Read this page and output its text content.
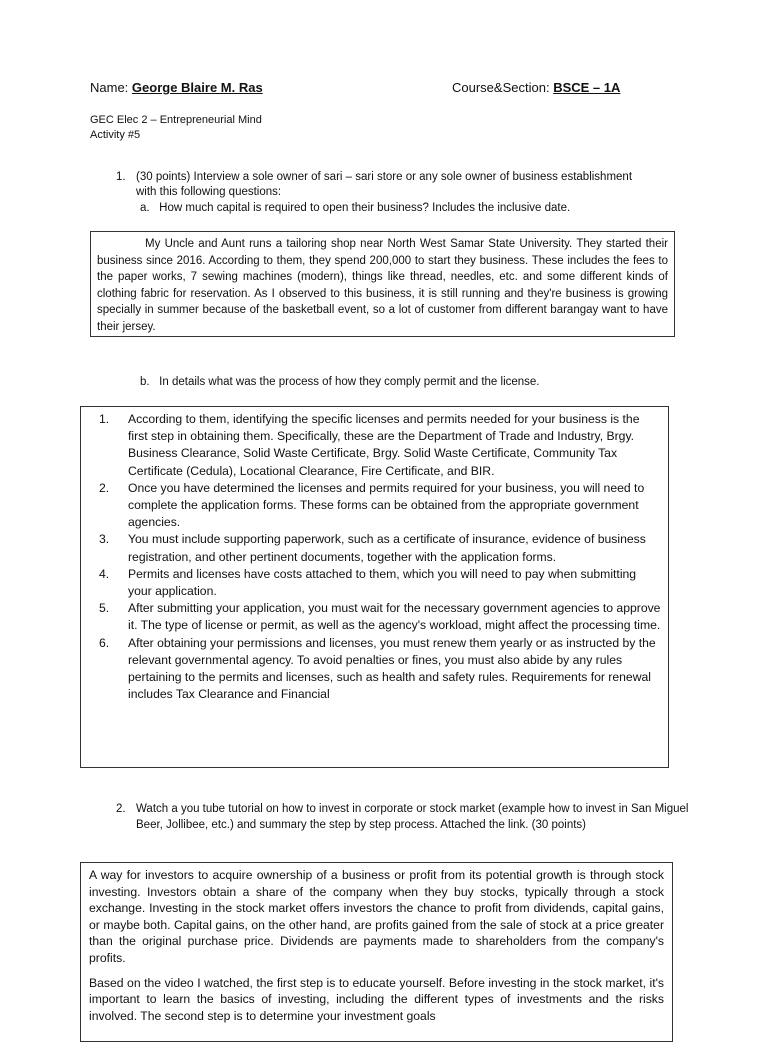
Name: George Blaire M. Ras	Course&Section: BSCE – 1A
GEC Elec 2 – Entrepreneurial Mind
Activity #5
1. (30 points) Interview a sole owner of sari – sari store or any sole owner of business establishment with this following questions:
a.   How much capital is required to open their business? Includes the inclusive date.

My Uncle and Aunt runs a tailoring shop near North West Samar State University. They started their business since 2016. According to them, they spend 200,000 to start they business. These includes the fees to the paper works, 7 sewing machines (modern), things like thread, needles, etc. and some different kinds of clothing fabric for reservation. As I observed to this business, it is still running and they're business is growing specially in summer because of the basketball event, so a lot of customer from different barangay want to have their jersey.

b.   In details what was the process of how they comply permit and the license.
1. According to them, identifying the specific licenses and permits needed for your business is the first step in obtaining them. Specifically, these are the Department of Trade and Industry, Brgy. Business Clearance, Solid Waste Certificate, Brgy. Solid Waste Certificate, Community Tax Certificate (Cedula), Locational Clearance, Fire Certificate, and BIR.
2. Once you have determined the licenses and permits required for your business, you will need to complete the application forms. These forms can be obtained from the appropriate government agencies.
3. You must include supporting paperwork, such as a certificate of insurance, evidence of business registration, and other pertinent documents, together with the application forms.
4. Permits and licenses have costs attached to them, which you will need to pay when submitting your application.
5. After submitting your application, you must wait for the necessary government agencies to approve it. The type of license or permit, as well as the agency's workload, might affect the processing time.
6. After obtaining your permissions and licenses, you must renew them yearly or as instructed by the relevant governmental agency. To avoid penalties or fines, you must also abide by any rules pertaining to the permits and licenses, such as health and safety rules. Requirements for renewal includes Tax Clearance and Financial
2. Watch a you tube tutorial on how to invest in corporate or stock market (example how to invest in San Miguel Beer, Jollibee, etc.) and summary the step by step process. Attached the link. (30 points)

A way for investors to acquire ownership of a business or profit from its potential growth is through stock investing. Investors obtain a share of the company when they buy stocks, typically through a stock exchange. Investing in the stock market offers investors the chance to profit from dividends, capital gains, or maybe both. Capital gains, on the other hand, are profits gained from the sale of stock at a price greater than the original purchase price. Dividends are payments made to shareholders from the company's profits.

Based on the video I watched, the first step is to educate yourself. Before investing in the stock market, it's important to learn the basics of investing, including the different types of investments and the risks involved. The second step is to determine your investment goals
